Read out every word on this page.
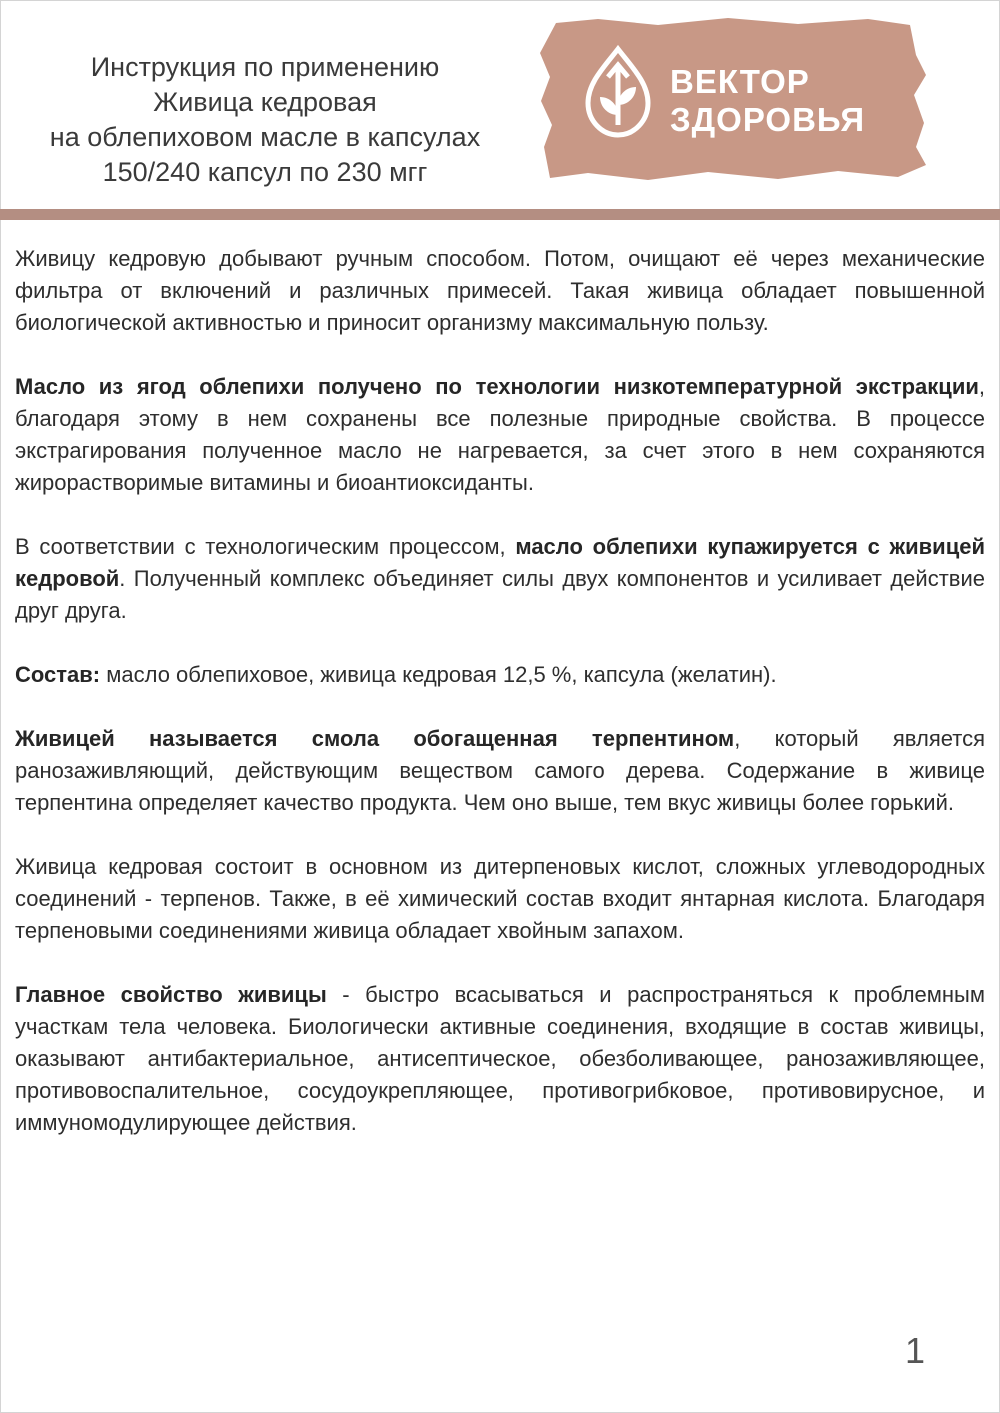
Инструкция по применению
Живица кедровая
на облепиховом масле в капсулах
150/240 капсул по 230 мгг
ВЕКТОР
ЗДОРОВЬЯ

Живицу кедровую добывают ручным способом. Потом, очищают её через механические фильтра от включений и различных примесей. Такая живица обладает повышенной биологической активностью и приносит организму максимальную пользу.

Масло из ягод облепихи получено по технологии низкотемпературной экстракции, благодаря этому в нем сохранены все полезные природные свойства. В процессе экстрагирования полученное масло не нагревается, за счет этого в нем сохраняются жирорастворимые витамины и биоантиоксиданты.

В соответствии с технологическим процессом, масло облепихи купажируется с живицей кедровой. Полученный комплекс объединяет силы двух компонентов и усиливает действие друг друга.

Состав: масло облепиховое, живица кедровая 12,5 %, капсула (желатин).

Живицей называется смола обогащенная терпентином, который является ранозаживляющий, действующим веществом самого дерева. Содержание в живице терпентина определяет качество продукта. Чем оно выше, тем вкус живицы более горький.

Живица кедровая состоит в основном из дитерпеновых кислот, сложных углеводородных соединений - терпенов. Также, в её химический состав входит янтарная кислота. Благодаря терпеновыми соединениями живица обладает хвойным запахом.

Главное свойство живицы - быстро всасываться и распространяться к проблемным участкам тела человека. Биологически активные соединения, входящие в состав живицы, оказывают антибактериальное, антисептическое, обезболивающее, ранозаживляющее, противовоспалительное, сосудоукрепляющее, противогрибковое, противовирусное, и иммуномодулирующее действия.

1
